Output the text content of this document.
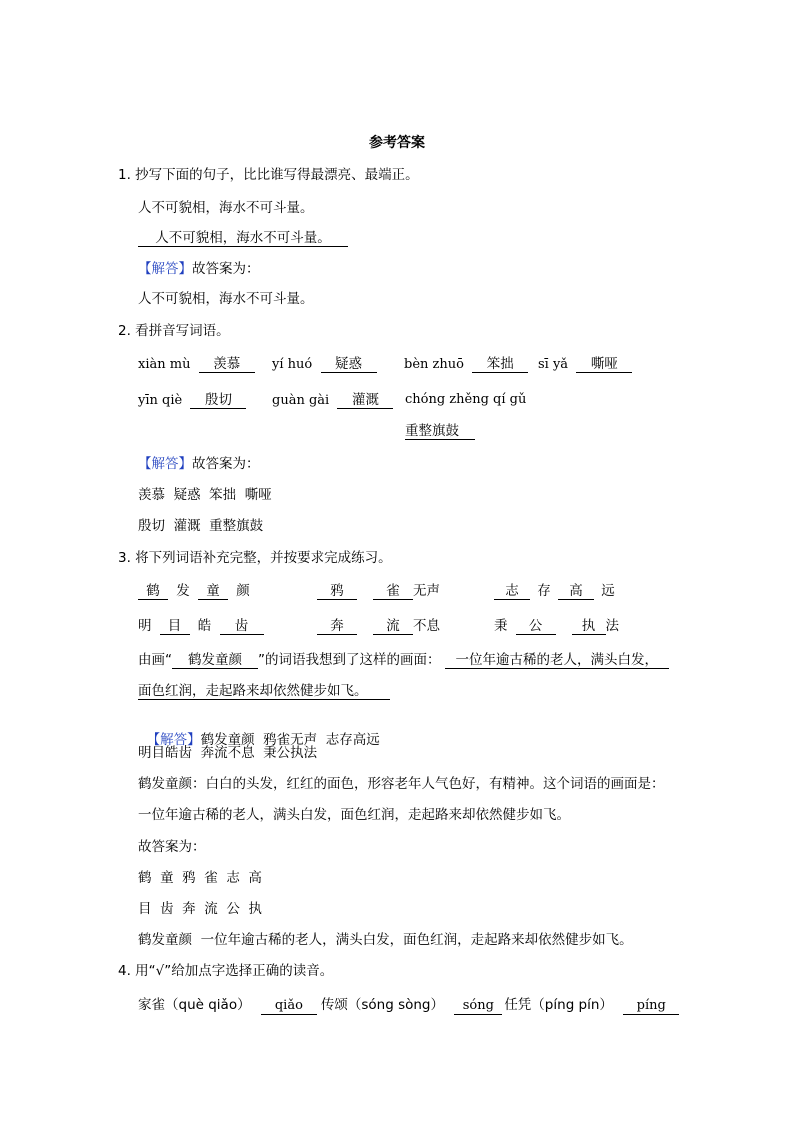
参考答案
1. 抄写下面的句子，比比谁写得最漂亮、最端正。
人不可貌相，海水不可斗量。
人不可貌相，海水不可斗量。
【解答】故答案为：
人不可貌相，海水不可斗量。
2. 看拼音写词语。
xiàn mù 羡慕	yí huó 疑惑	bèn zhuō 笨拙	sī yǎ 嘶哑
yīn qiè 殷切	guàn gài 灌溉	chóng zhěng qí gǔ
重整旗鼓
【解答】故答案为：
羡慕  疑惑  笨拙  嘶哑
殷切  灌溉  重整旗鼓
3. 将下列词语补充完整，并按要求完成练习。
鹤 发 童 颜	鸦	雀 无声	志 存 高 远
明 目 皓 齿	奔	流 不息	秉 公	执 法
由画“ 鹤发童颜 ”的词语我想到了这样的画面： 一位年逾古稀的老人，满头白发，
面色红润，走起路来却依然健步如飞。

【解答】鹤发童颜  鸦雀无声  志存高远

明目皓齿  奔流不息  秉公执法
鹤发童颜：白白的头发，红红的面色，形容老年人气色好，有精神。这个词语的画面是：
一位年逾古稀的老人，满头白发，面色红润，走起路来却依然健步如飞。
故答案为：
鹤  童  鸦  雀  志  高
目  齿  奔  流  公  执
鹤发童颜  一位年逾古稀的老人，满头白发，面色红润，走起路来却依然健步如飞。
4. 用“√”给加点字选择正确的读音。
家雀（què qiǎo） qiǎo 传颂（sóng sòng） sóng 任凭（píng pín） píng
